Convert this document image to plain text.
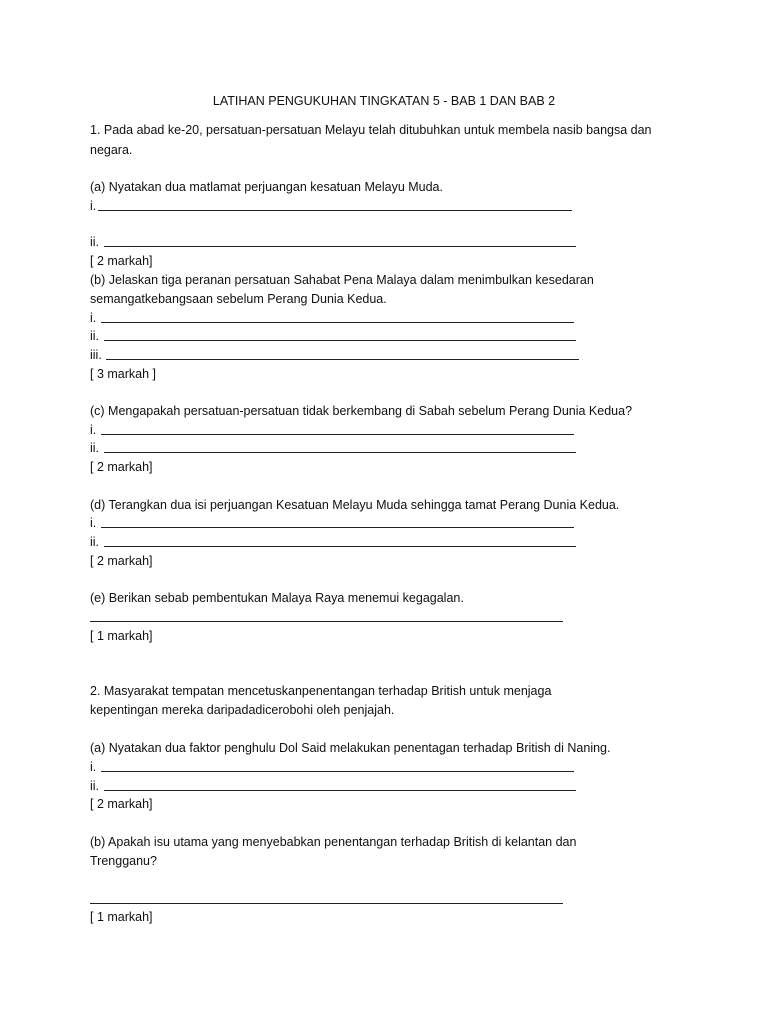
LATIHAN PENGUKUHAN TINGKATAN 5 - BAB 1 DAN BAB 2

1. Pada abad ke-20, persatuan-persatuan Melayu telah ditubuhkan untuk membela nasib bangsa dan

negara.

(a) Nyatakan dua matlamat perjuangan kesatuan Melayu Muda.

i.
ii.

[ 2 markah]

(b) Jelaskan tiga peranan persatuan Sahabat Pena Malaya dalam menimbulkan kesedaran

semangatkebangsaan sebelum Perang Dunia Kedua.

i.
ii.
iii.

[ 3 markah ]

(c) Mengapakah persatuan-persatuan tidak berkembang di Sabah sebelum Perang Dunia Kedua?

i.
ii.

[ 2 markah]

(d) Terangkan dua isi perjuangan Kesatuan Melayu Muda sehingga tamat Perang Dunia Kedua.

i.
ii.

[ 2 markah]

(e) Berikan sebab pembentukan Malaya Raya menemui kegagalan.

[ 1 markah]

2. Masyarakat tempatan mencetuskanpenentangan terhadap British untuk menjaga

kepentingan mereka daripadadicerobohi oleh penjajah.

(a) Nyatakan dua faktor penghulu Dol Said melakukan penentagan terhadap British di Naning.

i.
ii.

[ 2 markah]

(b) Apakah isu utama yang menyebabkan penentangan terhadap British di kelantan dan

Trengganu?

[ 1 markah]
